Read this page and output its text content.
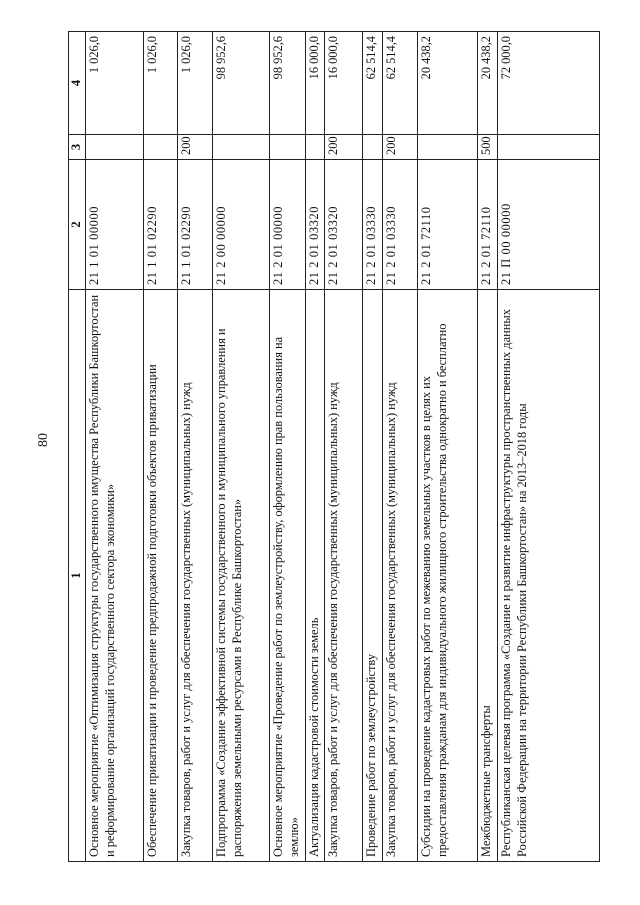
80
1	2	3	4
Основное мероприятие «Оптимизация структуры государственного имущества Республики Башкортостан и реформирование организаций государственного сектора экономики»	21 1 01 00000		1 026,0
Обеспечение приватизации и проведение предпродажной подготовки объектов приватизации	21 1 01 02290		1 026,0
Закупка товаров, работ и услуг для обеспечения государственных (муниципальных) нужд	21 1 01 02290	200	1 026,0
Подпрограмма «Создание эффективной системы государственного и муниципального управления и распоряжения земельными ресурсами в Республике Башкортостан»	21 2 00 00000		98 952,6
Основное мероприятие «Проведение работ по землеустройству, оформлению прав пользования на землю»	21 2 01 00000		98 952,6
Актуализация кадастровой стоимости земель	21 2 01 03320		16 000,0
Закупка товаров, работ и услуг для обеспечения государственных (муниципальных) нужд	21 2 01 03320	200	16 000,0
Проведение работ по землеустройству	21 2 01 03330		62 514,4
Закупка товаров, работ и услуг для обеспечения государственных (муниципальных) нужд	21 2 01 03330	200	62 514,4
Субсидии на проведение кадастровых работ по межеванию земельных участков в целях их предоставления гражданам для индивидуального жилищного строительства однократно и бесплатно	21 2 01 72110		20 438,2
Межбюджетные трансферты	21 2 01 72110	500	20 438,2
Республиканская целевая программа «Создание и развитие инфраструктуры пространственных данных Российской Федерации на территории Республики Башкортостан» на 2013–2018 годы	21 П 00 00000		72 000,0
